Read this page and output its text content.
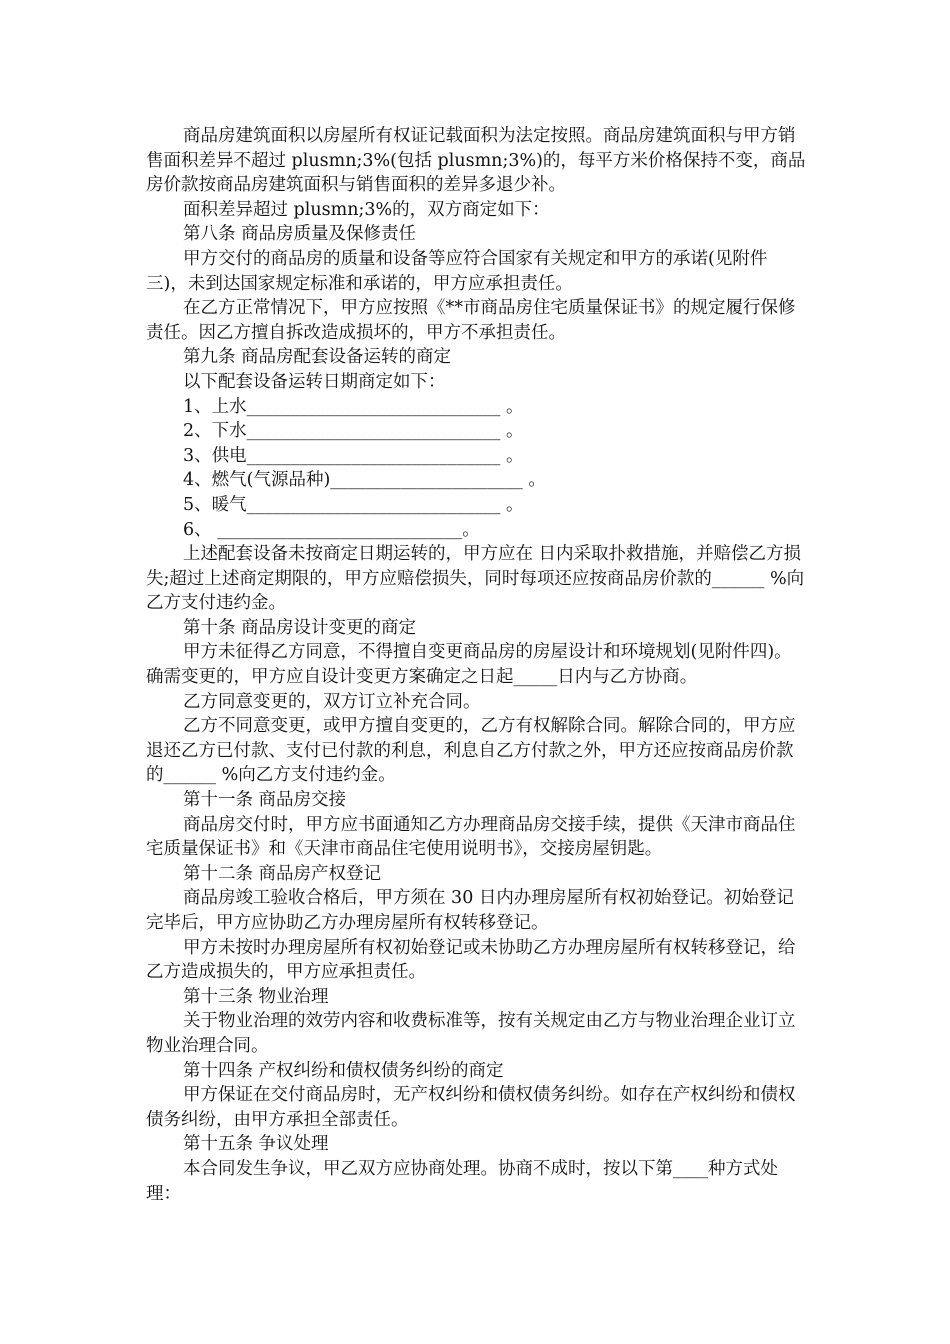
商品房建筑面积以房屋所有权证记载面积为法定按照。商品房建筑面积与甲方销售面积差异不超过 plusmn;3%(包括 plusmn;3%)的，每平方米价格保持不变，商品房价款按商品房建筑面积与销售面积的差异多退少补。

面积差异超过 plusmn;3%的，双方商定如下：

第八条 商品房质量及保修责任

甲方交付的商品房的质量和设备等应符合国家有关规定和甲方的承诺(见附件三)，未到达国家规定标准和承诺的，甲方应承担责任。

在乙方正常情况下，甲方应按照《**市商品房住宅质量保证书》的规定履行保修责任。因乙方擅自拆改造成损坏的，甲方不承担责任。

第九条 商品房配套设备运转的商定

以下配套设备运转日期商定如下：

1、上水_____________________________ 。

2、下水_____________________________ 。

3、供电_____________________________ 。

4、燃气(气源品种)______________________ 。

5、暖气_____________________________ 。

6、 ____________________________。

上述配套设备未按商定日期运转的，甲方应在 日内采取扑救措施，并赔偿乙方损失;超过上述商定期限的，甲方应赔偿损失，同时每项还应按商品房价款的______ %向乙方支付违约金。

第十条 商品房设计变更的商定

甲方未征得乙方同意，不得擅自变更商品房的房屋设计和环境规划(见附件四)。确需变更的，甲方应自设计变更方案确定之日起_____日内与乙方协商。

乙方同意变更的，双方订立补充合同。

乙方不同意变更，或甲方擅自变更的，乙方有权解除合同。解除合同的，甲方应退还乙方已付款、支付已付款的利息，利息自乙方付款之外，甲方还应按商品房价款的______ %向乙方支付违约金。

第十一条 商品房交接

商品房交付时，甲方应书面通知乙方办理商品房交接手续，提供《天津市商品住宅质量保证书》和《天津市商品住宅使用说明书》，交接房屋钥匙。

第十二条 商品房产权登记

商品房竣工验收合格后，甲方须在 30 日内办理房屋所有权初始登记。初始登记完毕后，甲方应协助乙方办理房屋所有权转移登记。

甲方未按时办理房屋所有权初始登记或未协助乙方办理房屋所有权转移登记，给乙方造成损失的，甲方应承担责任。

第十三条 物业治理

关于物业治理的效劳内容和收费标准等，按有关规定由乙方与物业治理企业订立物业治理合同。

第十四条 产权纠纷和债权债务纠纷的商定

甲方保证在交付商品房时，无产权纠纷和债权债务纠纷。如存在产权纠纷和债权债务纠纷，由甲方承担全部责任。

第十五条 争议处理

本合同发生争议，甲乙双方应协商处理。协商不成时，按以下第____种方式处理：
